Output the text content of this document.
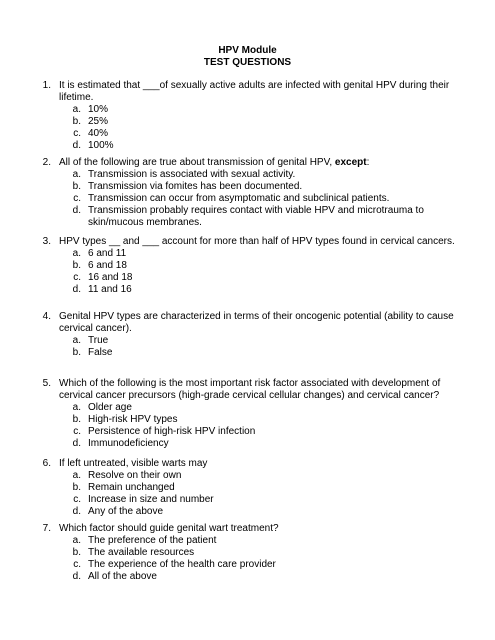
HPV Module
TEST QUESTIONS
1. It is estimated that ___of sexually active adults are infected with genital HPV during their lifetime.

a. 10%
b. 25%
c. 40%
d. 100%
2. All of the following are true about transmission of genital HPV, except:

a. Transmission is associated with sexual activity.
b. Transmission via fomites has been documented.
c. Transmission can occur from asymptomatic and subclinical patients.
d. Transmission probably requires contact with viable HPV and microtrauma to skin/mucous membranes.
3. HPV types __ and ___ account for more than half of HPV types found in cervical cancers.

a. 6 and 11
b. 6 and 18
c. 16 and 18
d. 11 and 16
4. Genital HPV types are characterized in terms of their oncogenic potential (ability to cause cervical cancer).

a. True
b. False
5. Which of the following is the most important risk factor associated with development of cervical cancer precursors (high-grade cervical cellular changes) and cervical cancer?

a. Older age
b. High-risk HPV types
c. Persistence of high-risk HPV infection
d. Immunodeficiency
6. If left untreated, visible warts may

a. Resolve on their own
b. Remain unchanged
c. Increase in size and number
d. Any of the above
7. Which factor should guide genital wart treatment?

a. The preference of the patient
b. The available resources
c. The experience of the health care provider
d. All of the above
